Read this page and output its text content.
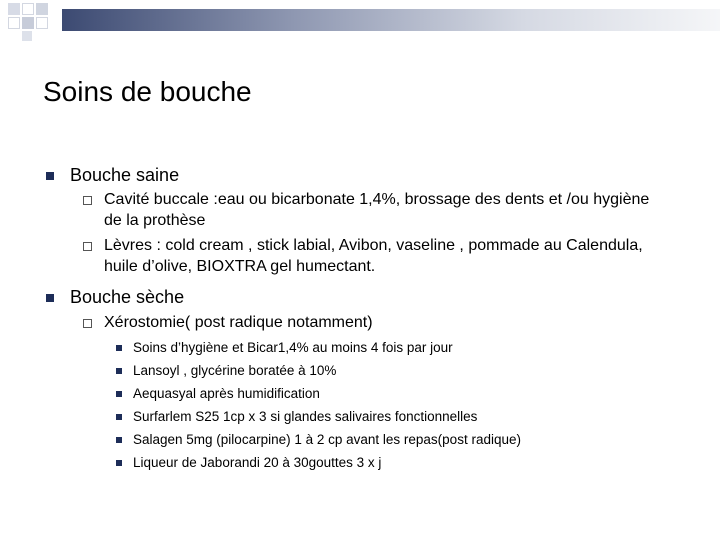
Soins de bouche
Bouche saine
Cavité buccale :eau ou bicarbonate 1,4%, brossage des dents et /ou hygiène de la prothèse
Lèvres : cold cream , stick labial, Avibon, vaseline , pommade au Calendula, huile d’olive, BIOXTRA gel humectant.
Bouche sèche
Xérostomie( post radique notamment)
Soins d’hygiène et Bicar1,4% au moins 4 fois par jour
Lansoyl , glycérine boratée à 10%
Aequasyal après humidification
Surfarlem S25 1cp x 3 si glandes salivaires fonctionnelles
Salagen 5mg (pilocarpine) 1 à 2 cp avant les repas(post radique)
Liqueur de Jaborandi 20 à 30gouttes 3 x j
